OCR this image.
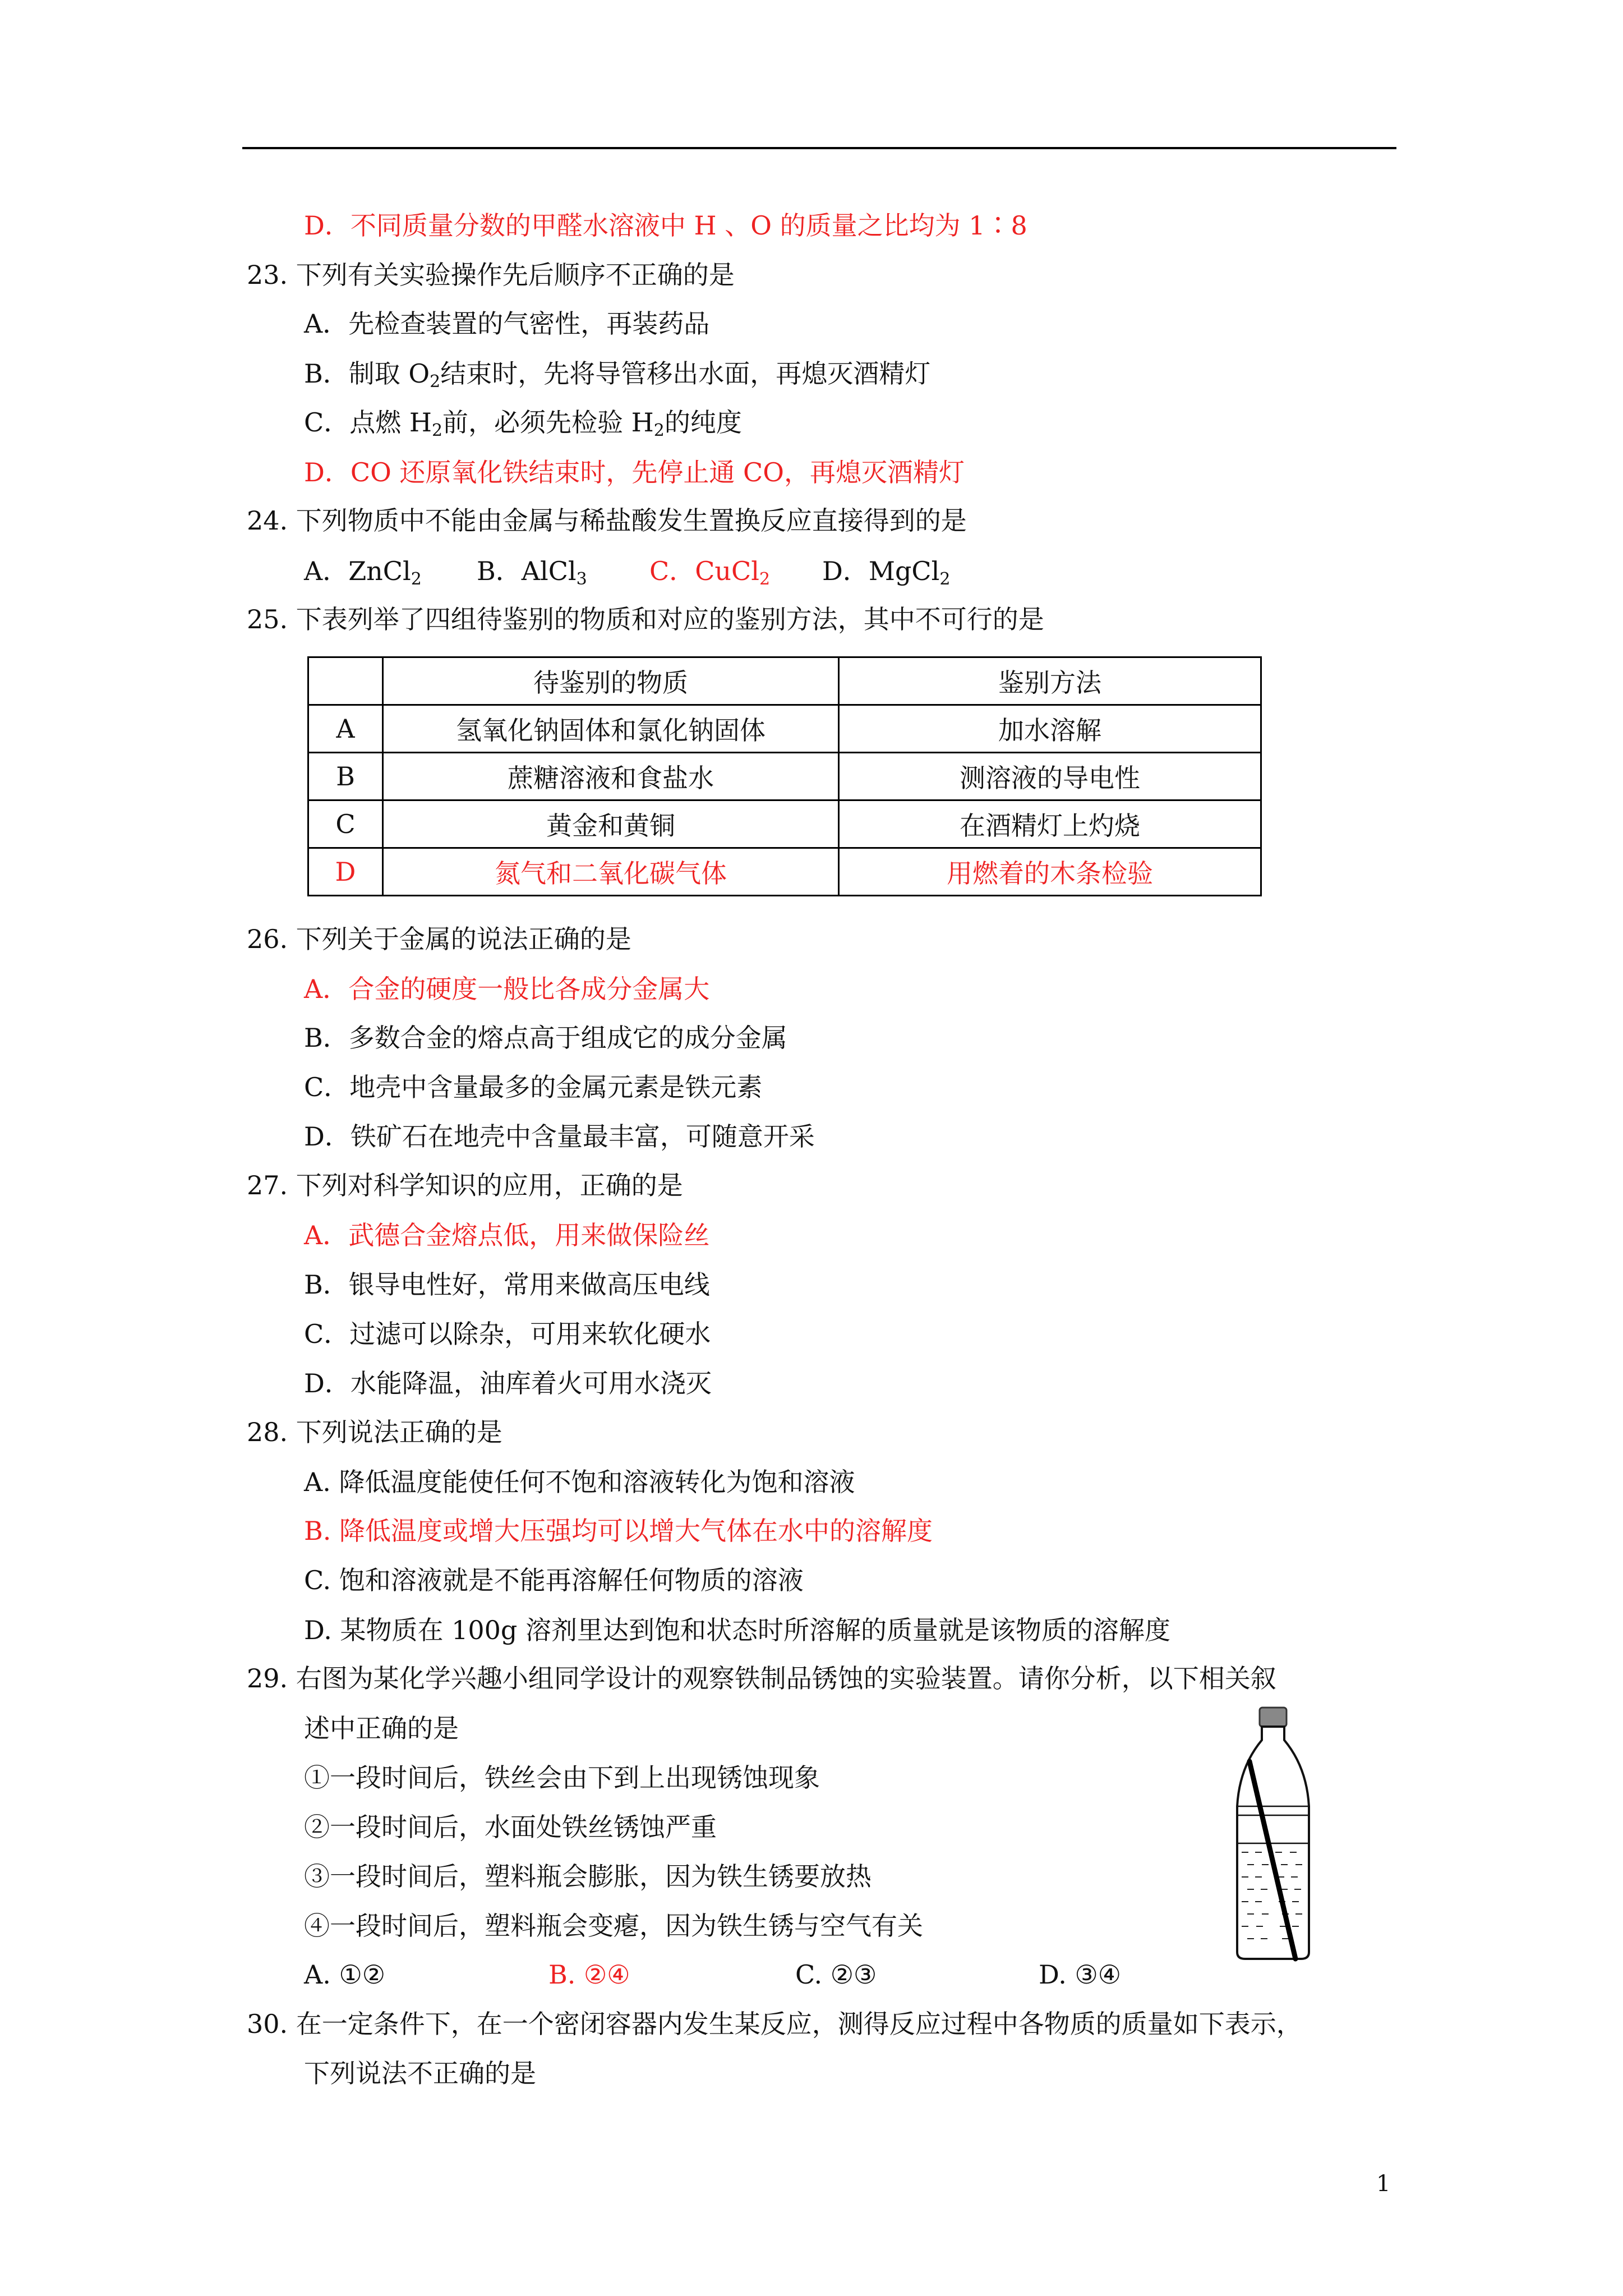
D．不同质量分数的甲醛水溶液中 H 、O 的质量之比均为 1∶8
23. 下列有关实验操作先后顺序不正确的是
A．先检查装置的气密性，再装药品
B．制取 $O_2$结束时，先将导管移出水面，再熄灭酒精灯
C．点燃 $H_2$前，必须先检验 $H_2$的纯度
D．CO 还原氧化铁结束时，先停止通 CO，再熄灭酒精灯
24. 下列物质中不能由金属与稀盐酸发生置换反应直接得到的是
A．ZnCl$_2$ B．AlCl$_3$ C．CuCl$_2$ D．MgCl$_2$
25. 下表列举了四组待鉴别的物质和对应的鉴别方法，其中不可行的是
	待鉴别的物质	鉴别方法
A	氢氧化钠固体和氯化钠固体	加水溶解
B	蔗糖溶液和食盐水	测溶液的导电性
C	黄金和黄铜	在酒精灯上灼烧
D	氮气和二氧化碳气体	用燃着的木条检验
26. 下列关于金属的说法正确的是
A．合金的硬度一般比各成分金属大
B．多数合金的熔点高于组成它的成分金属
C．地壳中含量最多的金属元素是铁元素
D．铁矿石在地壳中含量最丰富，可随意开采
27. 下列对科学知识的应用，正确的是
A．武德合金熔点低，用来做保险丝
B．银导电性好，常用来做高压电线
C．过滤可以除杂，可用来软化硬水
D．水能降温，油库着火可用水浇灭
28. 下列说法正确的是
A. 降低温度能使任何不饱和溶液转化为饱和溶液
B. 降低温度或增大压强均可以增大气体在水中的溶解度
C. 饱和溶液就是不能再溶解任何物质的溶液
D. 某物质在 100g 溶剂里达到饱和状态时所溶解的质量就是该物质的溶解度
29. 右图为某化学兴趣小组同学设计的观察铁制品锈蚀的实验装置。请你分析，以下相关叙
述中正确的是
①一段时间后，铁丝会由下到上出现锈蚀现象
②一段时间后，水面处铁丝锈蚀严重
③一段时间后，塑料瓶会膨胀，因为铁生锈要放热
④一段时间后，塑料瓶会变瘪，因为铁生锈与空气有关
A. ①②	B. ②④	C. ②③	D. ③④
30. 在一定条件下，在一个密闭容器内发生某反应，测得反应过程中各物质的质量如下表示，
下列说法不正确的是
1
